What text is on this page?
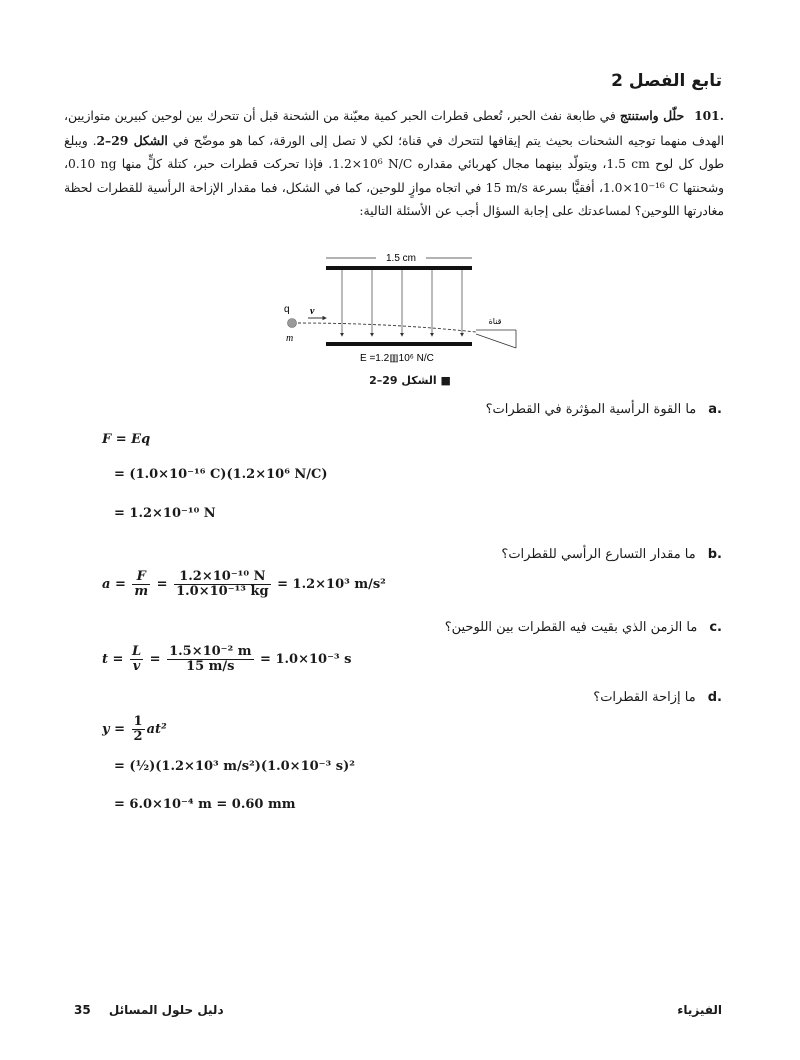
تابع الفصل 2
.101حلّل واستنتج في طابعة نفث الحبر، تُعطى قطرات الحبر كمية معيّنة من الشحنة قبل أن تتحرك بين لوحين كبيرين متوازيين، الهدف منهما توجيه الشحنات بحيث يتم إيقافها لتتحرك في قناة؛ لكي لا تصل إلى الورقة، كما هو موضّح في الشكل 29–2. ويبلغ طول كل لوح 1.5 cm، ويتولّد بينهما مجال كهربائي مقداره 1.2×10⁶ N/C. فإذا تحركت قطرات حبر، كتلة كلٍّ منها 0.10 ng، وشحنتها 1.0×10⁻¹⁶ C، أفقيًّا بسرعة 15 m/s في اتجاه موازٍ للوحين، كما في الشكل، فما مقدار الإزاحة الرأسية للقطرات لحظة مغادرتها اللوحين؟ لمساعدتك على إجابة السؤال أجب عن الأسئلة التالية:
1.5 cm
q v
m
قناة
E =1.2▥10⁶ N/C
■ الشكل 29–2
.aما القوة الرأسية المؤثرة في القطرات؟
F = Eq
= (1.0×10⁻¹⁶ C)(1.2×10⁶ N/C)
= 1.2×10⁻¹⁰ N
.bما مقدار التسارع الرأسي للقطرات؟
$a = \frac{F}{m} = \frac{\text{1.2×10⁻¹⁰ N}}{\text{1.0×10⁻¹³ kg}} = 1.2\times 10^3$ m/s²
.cما الزمن الذي بقيت فيه القطرات بين اللوحين؟
$t = \frac{L}{v} = \frac{\text{1.5×10⁻² m}}{15 m/s} = 1.0\times 10^{-3}$ s
.dما إزاحة القطرات؟
$y = \frac{1}{2} at^2$
= (½)(1.2×10³ m/s²)(1.0×10⁻³ s)²
= 6.0×10⁻⁴ m = 0.60 mm
35 دليل حلول المسائل	الفيزياء
